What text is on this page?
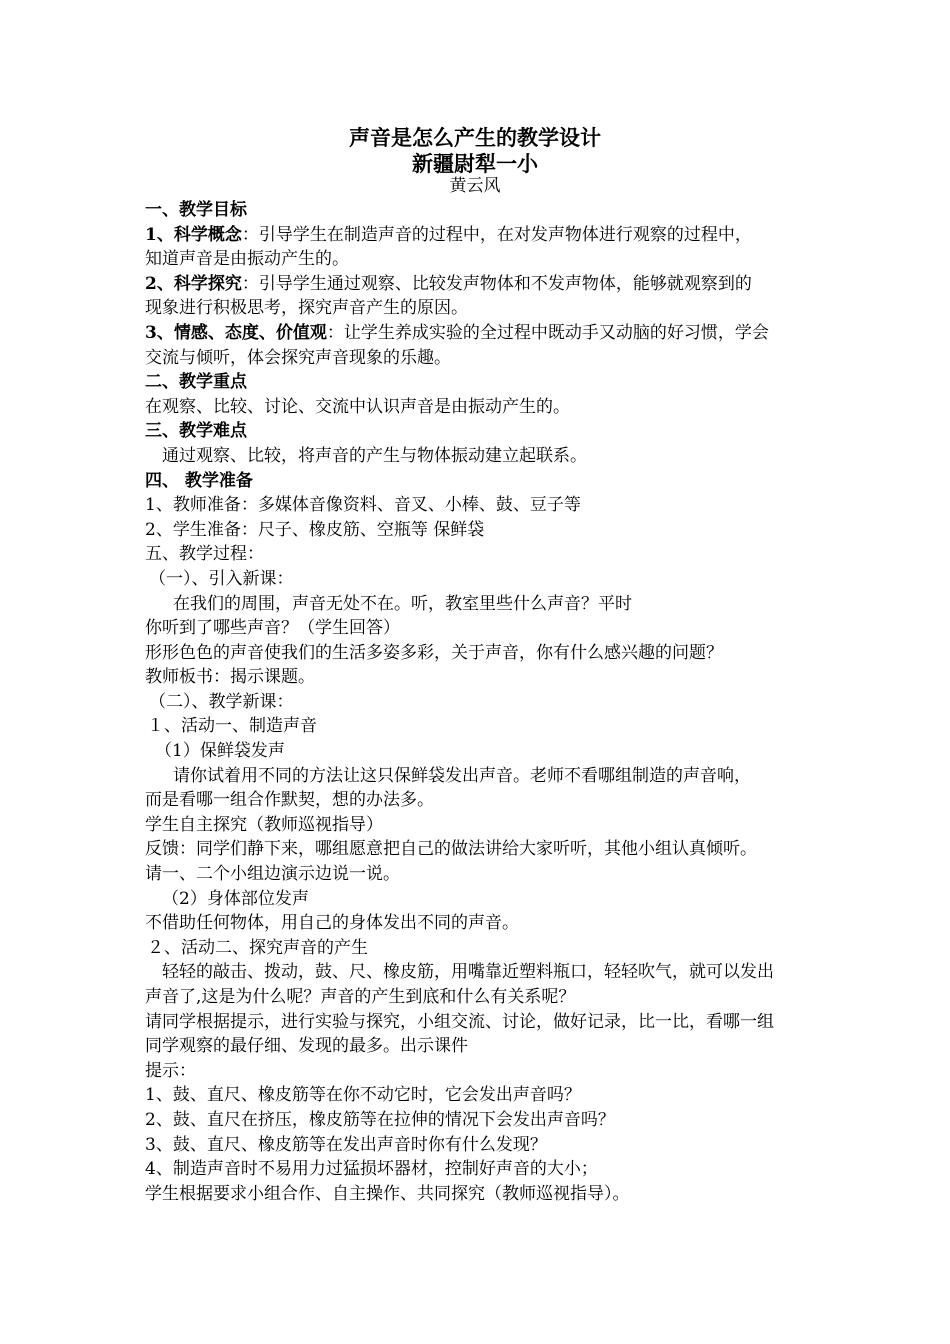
声音是怎么产生的教学设计
新疆尉犁一小
黄云风
一、教学目标
1、科学概念：引导学生在制造声音的过程中，在对发声物体进行观察的过程中，
知道声音是由振动产生的。
2、科学探究：引导学生通过观察、比较发声物体和不发声物体，能够就观察到的
现象进行积极思考，探究声音产生的原因。
3、情感、态度、价值观：让学生养成实验的全过程中既动手又动脑的好习惯，学会
交流与倾听，体会探究声音现象的乐趣。
二、教学重点
在观察、比较、讨论、交流中认识声音是由振动产生的。
三、教学难点
通过观察、比较，将声音的产生与物体振动建立起联系。
四、 教学准备
1、教师准备：多媒体音像资料、音叉、小棒、鼓、豆子等
2、学生准备：尺子、橡皮筋、空瓶等 保鲜袋
五、教学过程：
（一）、引入新课：
在我们的周围，声音无处不在。听，教室里些什么声音？平时
你听到了哪些声音？（学生回答）
形形色色的声音使我们的生活多姿多彩，关于声音，你有什么感兴趣的问题？
教师板书：揭示课题。
（二）、教学新课：
１、活动一、制造声音
（1）保鲜袋发声
请你试着用不同的方法让这只保鲜袋发出声音。老师不看哪组制造的声音响，
而是看哪一组合作默契，想的办法多。
学生自主探究（教师巡视指导）
反馈：同学们静下来，哪组愿意把自己的做法讲给大家听听，其他小组认真倾听。
请一、二个小组边演示边说一说。
（2）身体部位发声
不借助任何物体，用自己的身体发出不同的声音。
２、活动二、探究声音的产生
轻轻的敲击、拨动，鼓、尺、橡皮筋，用嘴靠近塑料瓶口，轻轻吹气，就可以发出
声音了,这是为什么呢？声音的产生到底和什么有关系呢？
请同学根据提示，进行实验与探究，小组交流、讨论，做好记录，比一比，看哪一组
同学观察的最仔细、发现的最多。出示课件
提示：
1、鼓、直尺、橡皮筋等在你不动它时，它会发出声音吗？
2、鼓、直尺在挤压，橡皮筋等在拉伸的情况下会发出声音吗？
3、鼓、直尺、橡皮筋等在发出声音时你有什么发现？
4、制造声音时不易用力过猛损坏器材，控制好声音的大小；
学生根据要求小组合作、自主操作、共同探究（教师巡视指导）。
